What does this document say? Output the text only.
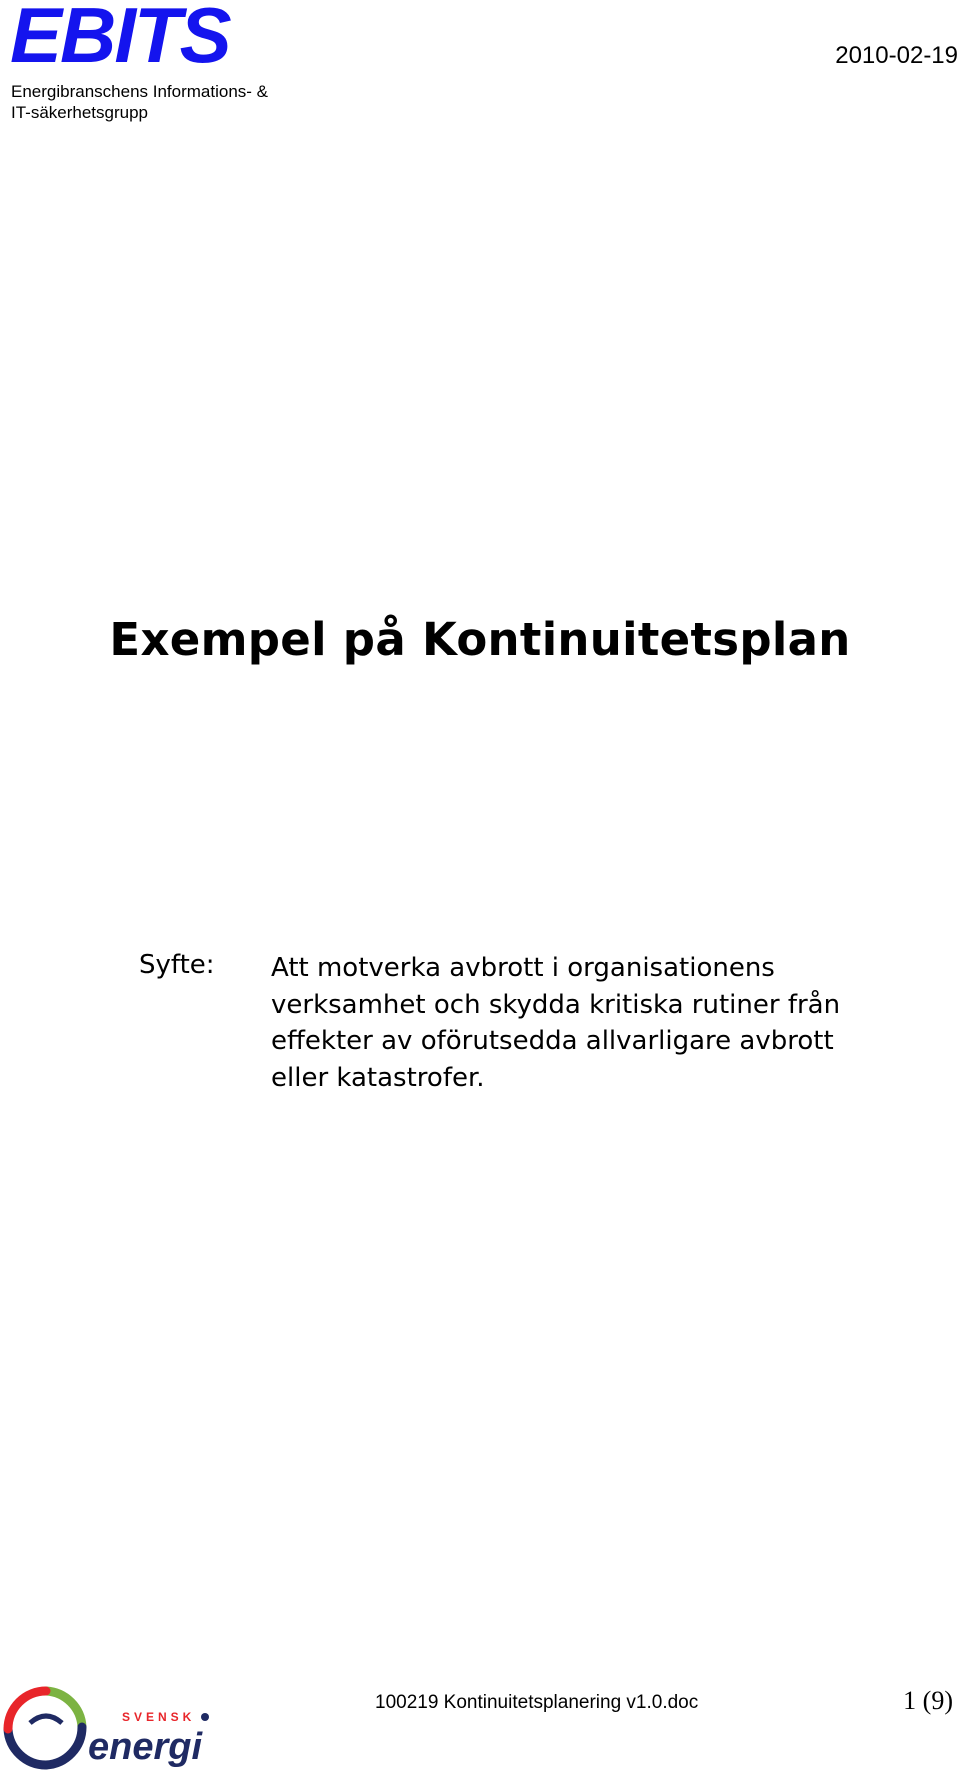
EBITS
Energibranschens Informations- &
IT-säkerhetsgrupp
2010-02-19
Exempel på Kontinuitetsplan
Syfte: Att motverka avbrott i organisationens
verksamhet och skydda kritiska rutiner från
effekter av oförutsedda allvarligare avbrott
eller katastrofer.
SVENSK
energi
100219 Kontinuitetsplanering v1.0.doc	1 (9)
